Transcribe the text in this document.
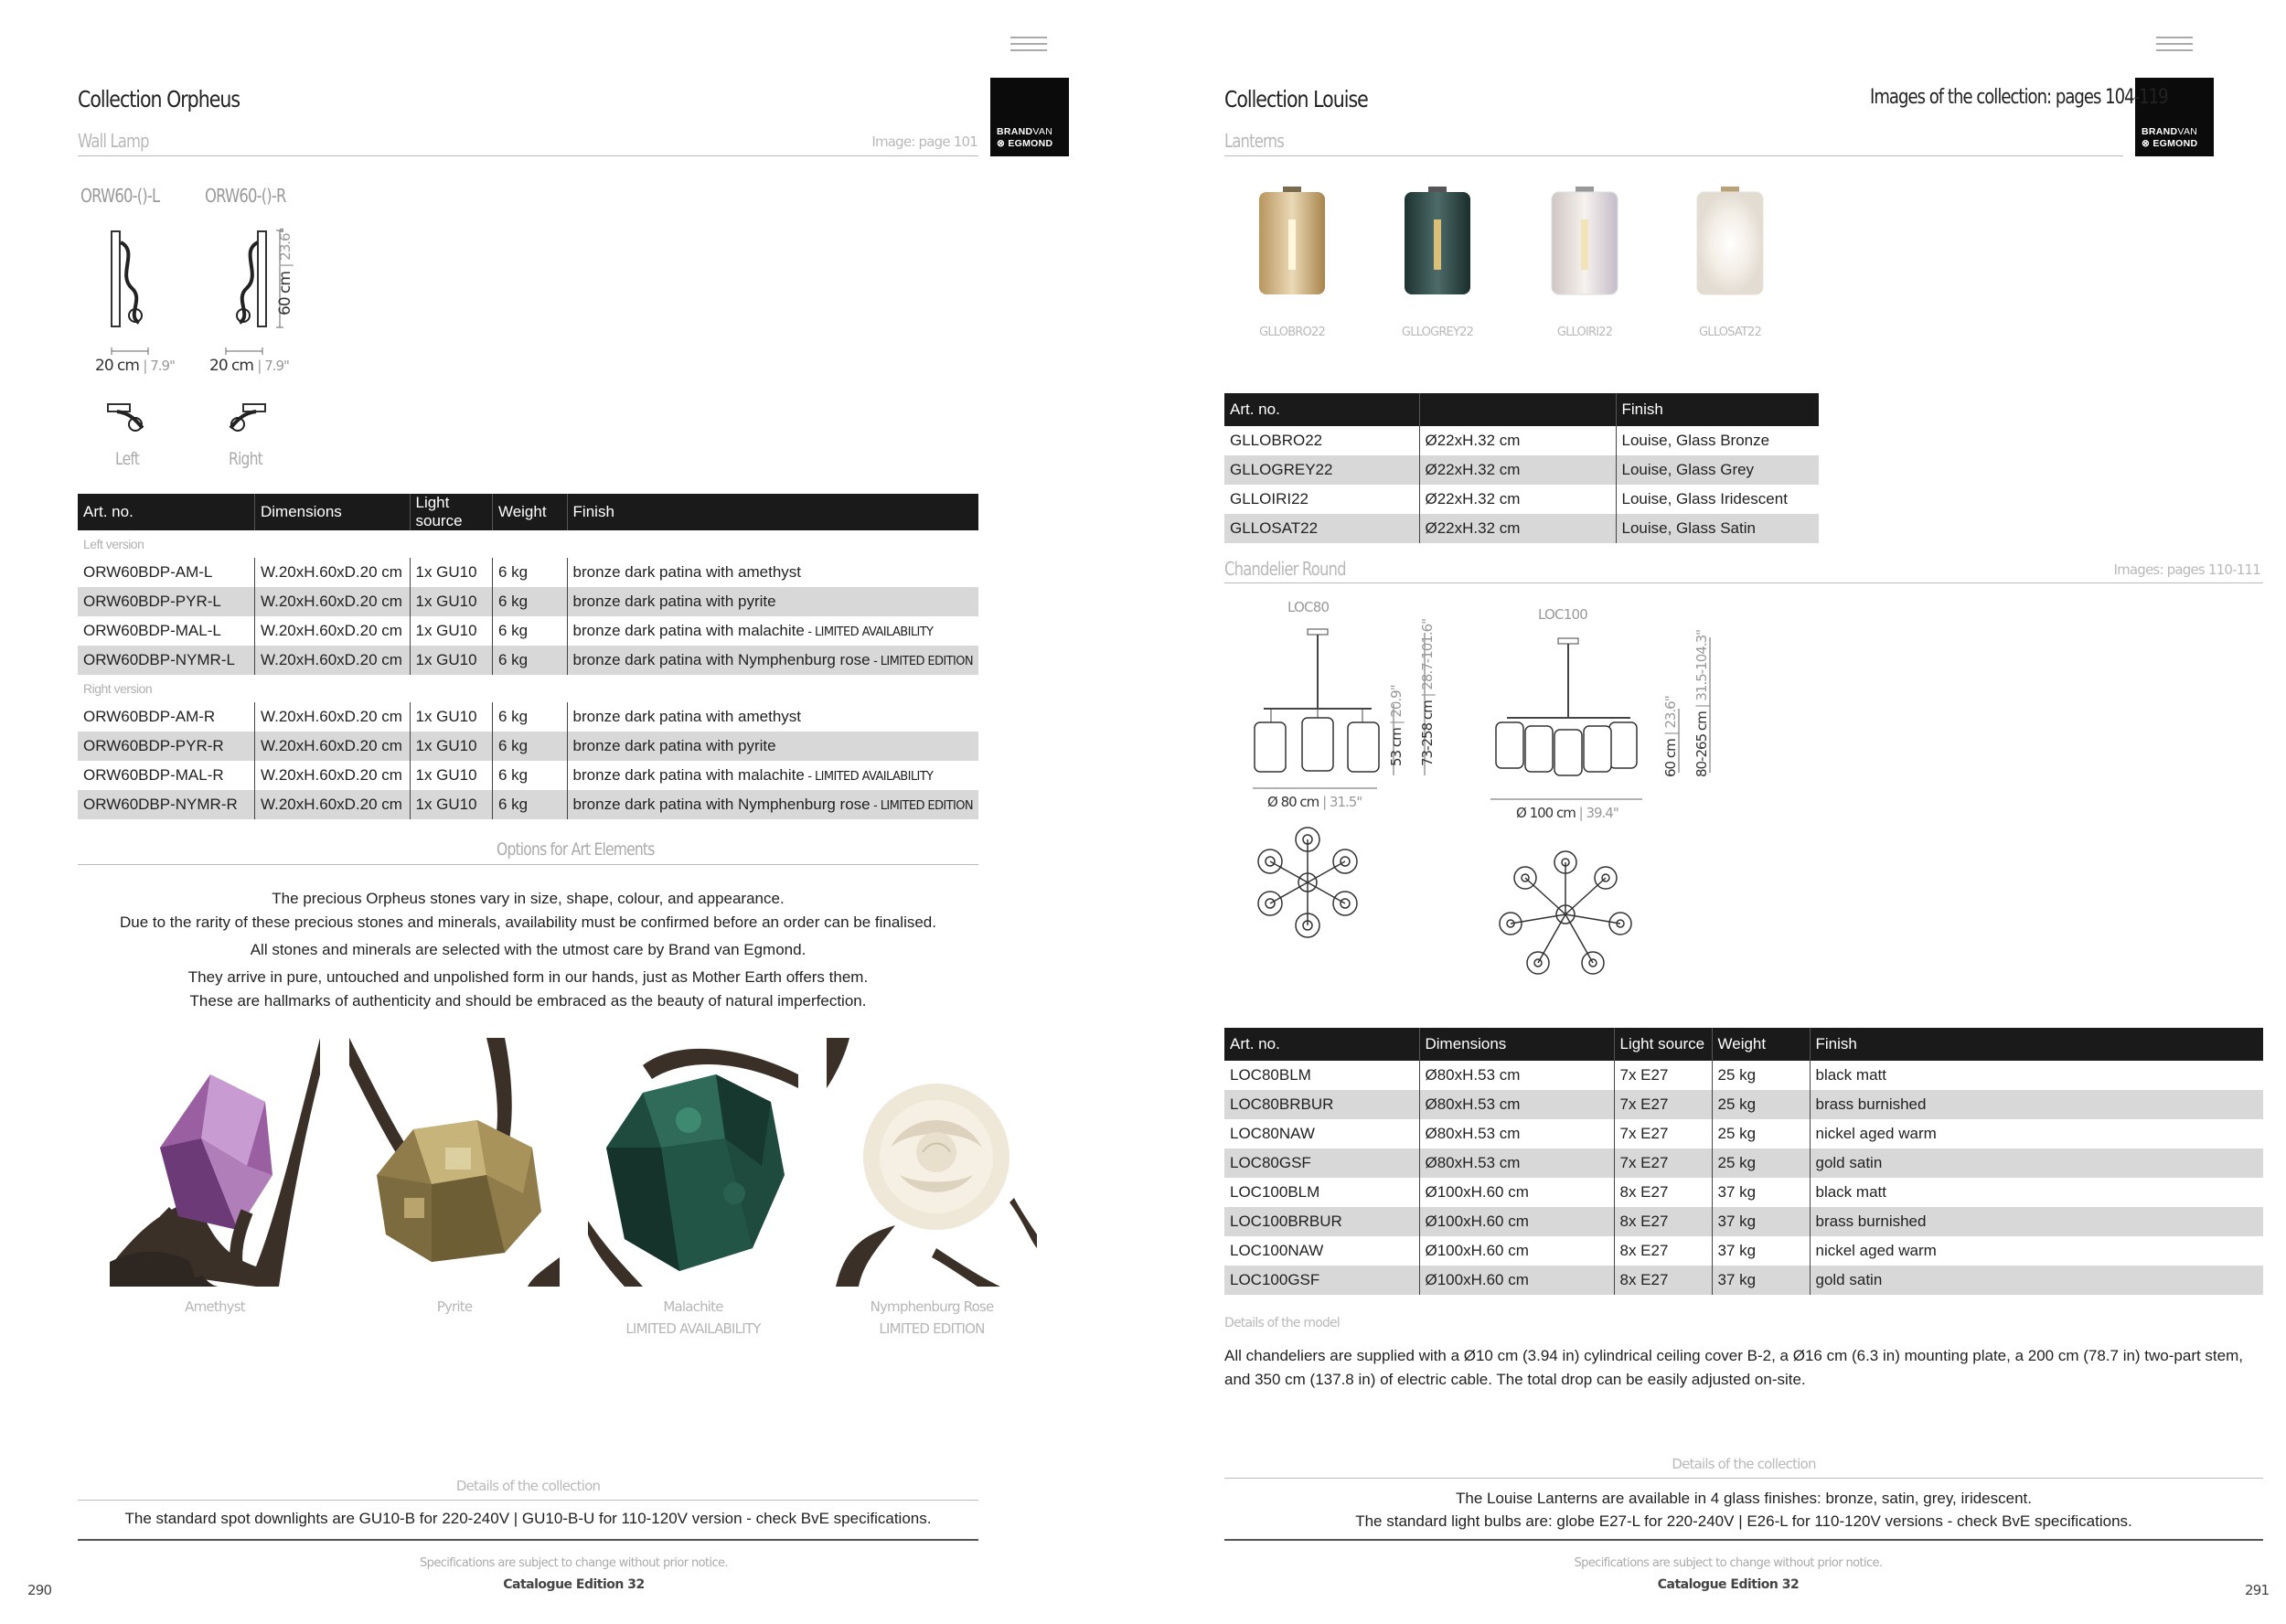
BRANDVAN
⊗ EGMOND
Collection Orpheus
Wall Lamp	Image: page 101
ORW60-()-L ORW60-()-R
60 cm | 23.6"
20 cm | 7.9" 20 cm | 7.9"
Left	Right
Art. no.	Dimensions	Light source	Weight	Finish
Left version				
ORW60BDP-AM-L	W.20xH.60xD.20 cm	1x GU10	6 kg	bronze dark patina with amethyst
ORW60BDP-PYR-L	W.20xH.60xD.20 cm	1x GU10	6 kg	bronze dark patina with pyrite
ORW60BDP-MAL-L	W.20xH.60xD.20 cm	1x GU10	6 kg	bronze dark patina with malachite - LIMITED AVAILABILITY
ORW60DBP-NYMR-L	W.20xH.60xD.20 cm	1x GU10	6 kg	bronze dark patina with Nymphenburg rose - LIMITED EDITION
Right version				
ORW60BDP-AM-R	W.20xH.60xD.20 cm	1x GU10	6 kg	bronze dark patina with amethyst
ORW60BDP-PYR-R	W.20xH.60xD.20 cm	1x GU10	6 kg	bronze dark patina with pyrite
ORW60BDP-MAL-R	W.20xH.60xD.20 cm	1x GU10	6 kg	bronze dark patina with malachite - LIMITED AVAILABILITY
ORW60DBP-NYMR-R	W.20xH.60xD.20 cm	1x GU10	6 kg	bronze dark patina with Nymphenburg rose - LIMITED EDITION
Options for Art Elements
The precious Orpheus stones vary in size, shape, colour, and appearance.
Due to the rarity of these precious stones and minerals, availability must be confirmed before an order can be finalised.
All stones and minerals are selected with the utmost care by Brand van Egmond.
They arrive in pure, untouched and unpolished form in our hands, just as Mother Earth offers them.
These are hallmarks of authenticity and should be embraced as the beauty of natural imperfection.
Amethyst	Pyrite	Malachite
LIMITED AVAILABILITY
Nymphenburg Rose
LIMITED EDITION
Details of the collection
The standard spot downlights are GU10-B for 220-240V | GU10-B-U for 110-120V version - check BvE specifications.
Specifications are subject to change without prior notice.
Catalogue Edition 32
290
BRANDVAN
⊗ EGMOND
Collection Louise	Images of the collection: pages 104-119
Lanterns
GLLOBRO22	GLLOGREY22	GLLOIRI22	GLLOSAT22
Art. no.		Finish
GLLOBRO22	Ø22xH.32 cm	Louise, Glass Bronze
GLLOGREY22	Ø22xH.32 cm	Louise, Glass Grey
GLLOIRI22	Ø22xH.32 cm	Louise, Glass Iridescent
GLLOSAT22	Ø22xH.32 cm	Louise, Glass Satin
Chandelier Round	Images: pages 110-111
LOC80
53 cm | 20.9" 73-258 cm | 28.7-101.6"
Ø 80 cm | 31.5"
LOC100
60 cm | 23.6" 80-265 cm | 31.5-104.3"
Ø 100 cm | 39.4"
Art. no.	Dimensions	Light source	Weight	Finish
LOC80BLM	Ø80xH.53 cm	7x E27	25 kg	black matt
LOC80BRBUR	Ø80xH.53 cm	7x E27	25 kg	brass burnished
LOC80NAW	Ø80xH.53 cm	7x E27	25 kg	nickel aged warm
LOC80GSF	Ø80xH.53 cm	7x E27	25 kg	gold satin
LOC100BLM	Ø100xH.60 cm	8x E27	37 kg	black matt
LOC100BRBUR	Ø100xH.60 cm	8x E27	37 kg	brass burnished
LOC100NAW	Ø100xH.60 cm	8x E27	37 kg	nickel aged warm
LOC100GSF	Ø100xH.60 cm	8x E27	37 kg	gold satin
Details of the model
All chandeliers are supplied with a Ø10 cm (3.94 in) cylindrical ceiling cover B-2, a Ø16 cm (6.3 in) mounting plate, a 200 cm (78.7 in) two-part stem, and 350 cm (137.8 in) of electric cable. The total drop can be easily adjusted on-site.
Details of the collection
The Louise Lanterns are available in 4 glass finishes: bronze, satin, grey, iridescent.
The standard light bulbs are: globe E27-L for 220-240V | E26-L for 110-120V versions - check BvE specifications.
Specifications are subject to change without prior notice.
Catalogue Edition 32	291
